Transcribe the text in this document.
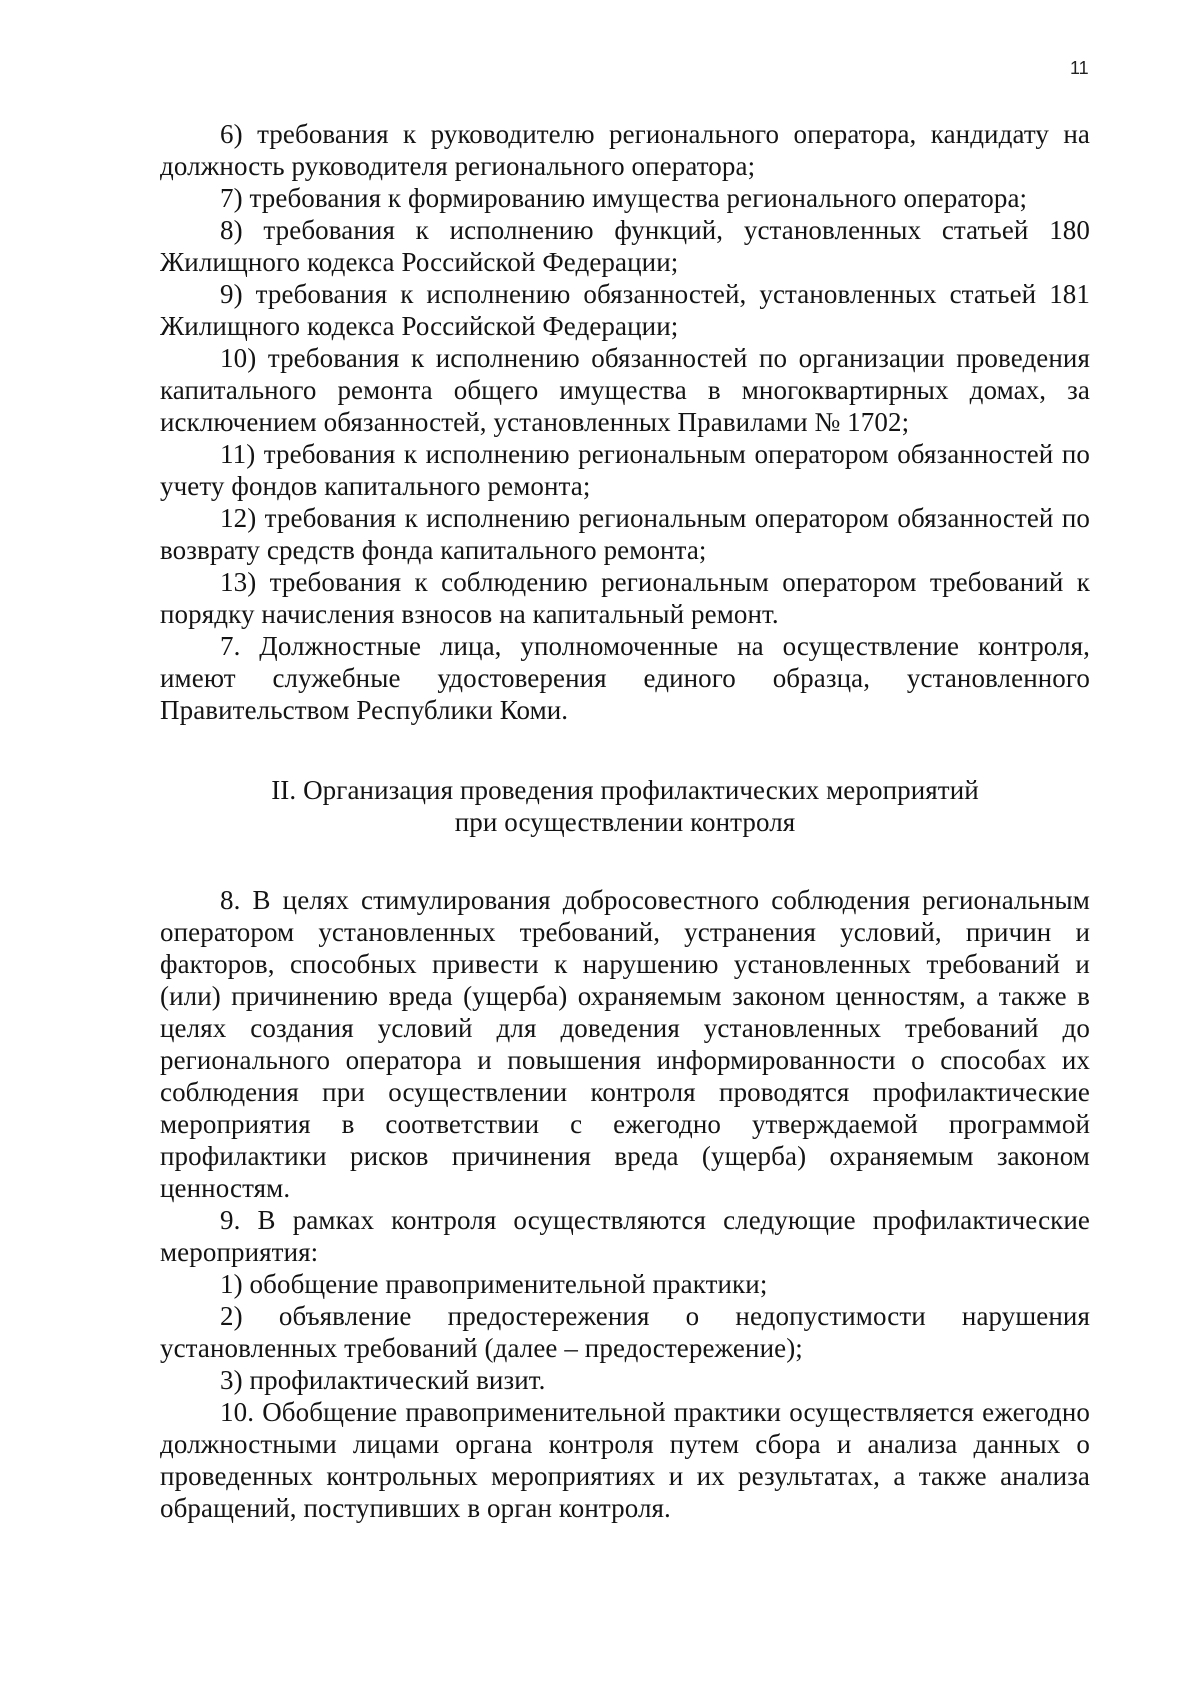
11

6) требования к руководителю регионального оператора, кандидату на должность руководителя регионального оператора;

7) требования к формированию имущества регионального оператора;

8) требования к исполнению функций, установленных статьей 180 Жилищного кодекса Российской Федерации;

9) требования к исполнению обязанностей, установленных статьей 181 Жилищного кодекса Российской Федерации;

10) требования к исполнению обязанностей по организации проведения капитального ремонта общего имущества в многоквартирных домах, за исключением обязанностей, установленных Правилами № 1702;

11) требования к исполнению региональным оператором обязанностей по учету фондов капитального ремонта;

12) требования к исполнению региональным оператором обязанностей по возврату средств фонда капитального ремонта;

13) требования к соблюдению региональным оператором требований к порядку начисления взносов на капитальный ремонт.

7. Должностные лица, уполномоченные на осуществление контроля, имеют служебные удостоверения единого образца, установленного Правительством Республики Коми.

II. Организация проведения профилактических мероприятий
при осуществлении контроля

8. В целях стимулирования добросовестного соблюдения региональным оператором установленных требований, устранения условий, причин и факторов, способных привести к нарушению установленных требований и (или) причинению вреда (ущерба) охраняемым законом ценностям, а также в целях создания условий для доведения установленных требований до регионального оператора и повышения информированности о способах их соблюдения при осуществлении контроля проводятся профилактические мероприятия в соответствии с ежегодно утверждаемой программой профилактики рисков причинения вреда (ущерба) охраняемым законом ценностям.

9. В рамках контроля осуществляются следующие профилактические мероприятия:

1) обобщение правоприменительной практики;

2) объявление предостережения о недопустимости нарушения установленных требований (далее – предостережение);

3) профилактический визит.

10. Обобщение правоприменительной практики осуществляется ежегодно должностными лицами органа контроля путем сбора и анализа данных о проведенных контрольных мероприятиях и их результатах, а также анализа обращений, поступивших в орган контроля.
